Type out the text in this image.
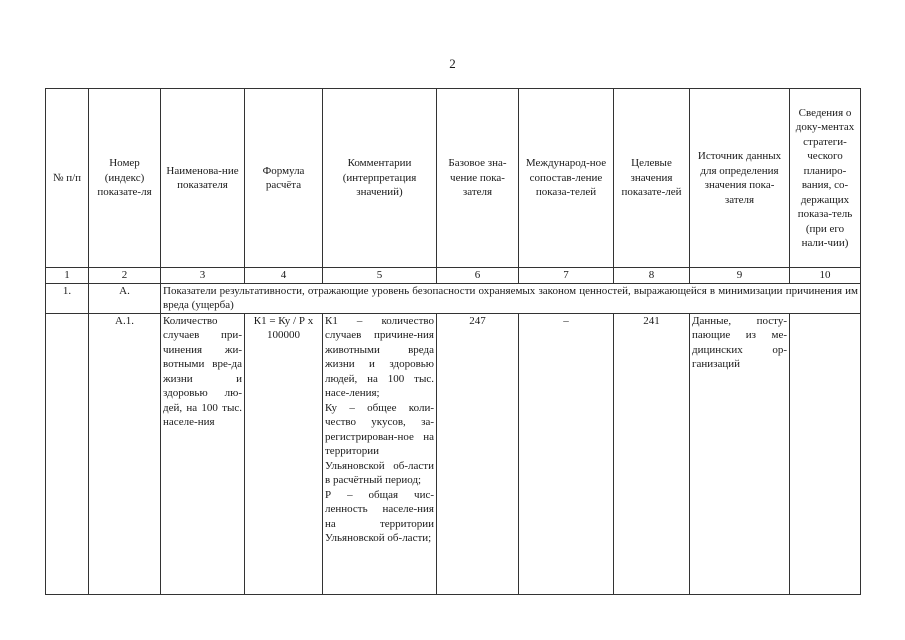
2
№ п/п	Номер (индекс) показате-ля	Наименова-ние показателя	Формула расчёта	Комментарии (интерпретация значений)	Базовое зна-чение пока-зателя	Международ-ное сопостав-ление показа-телей	Целевые значения показате-лей	Источник данных для определения значения пока-зателя	Сведения о доку-ментах стратеги-ческого планиро-вания, со-держащих показа-тель (при его нали-чии)
1	2	3	4	5	6	7	8	9	10
1.	А.	Показатели результативности, отражающие уровень безопасности охраняемых законом ценностей, выражающейся в минимизации причинения им вреда (ущерба)							

	А.1.	Количество случаев при-чинения жи-вотными вре-да жизни и здоровью лю-дей, на 100 тыс. населе-ния	К1 = Ку / Р х 100000	К1 – количество случаев причине-ния животными вреда жизни и здоровью людей, на 100 тыс. насе-ления;
Ку – общее коли-чество укусов, за-регистрирован-ное на территории Ульяновской об-ласти в расчётный период;
Р – общая чис-ленность населе-ния на территории Ульяновской об-ласти;	247	–	241	Данные, посту-пающие из ме-дицинских ор-ганизаций	
